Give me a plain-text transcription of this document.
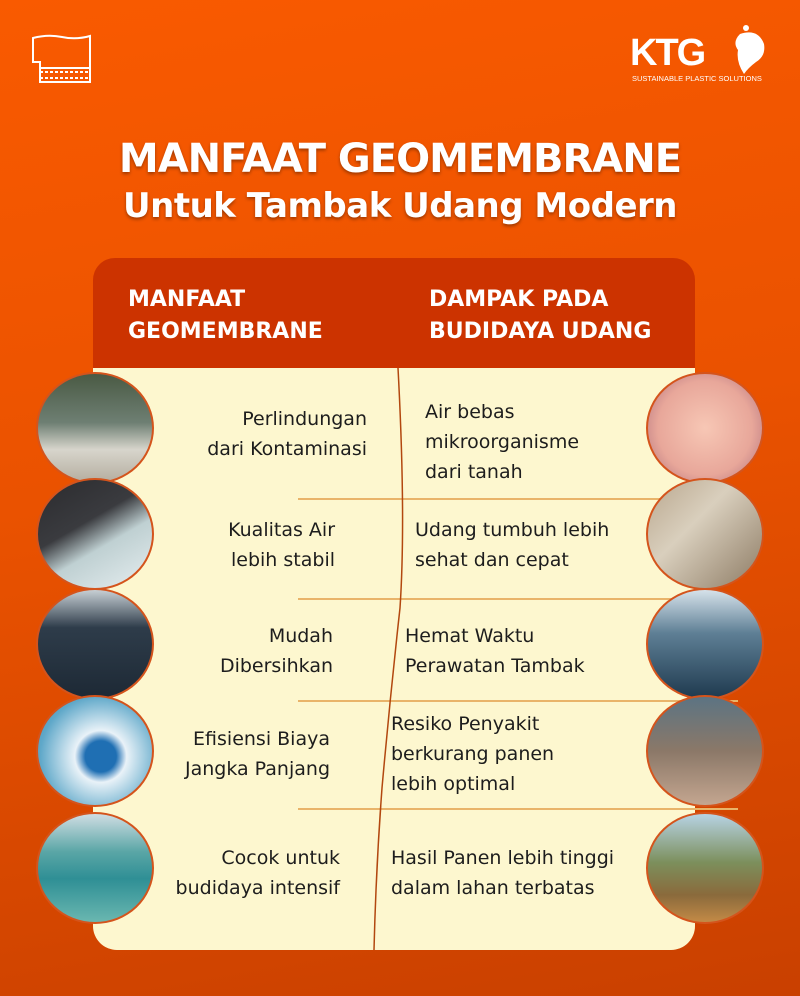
KTG
SUSTAINABLE PLASTIC SOLUTIONS
MANFAAT GEOMEMBRANE
Untuk Tambak Udang Modern
MANFAAT
GEOMEMBRANE
DAMPAK PADA
BUDIDAYA UDANG
Perlindungan
dari Kontaminasi
Air bebas
mikroorganisme
dari tanah
Kualitas Air
lebih stabil
Udang tumbuh lebih
sehat dan cepat
Mudah
Dibersihkan
Hemat Waktu
Perawatan Tambak
Efisiensi Biaya
Jangka Panjang
Resiko Penyakit
berkurang panen
lebih optimal
Cocok untuk
budidaya intensif
Hasil Panen lebih tinggi
dalam lahan terbatas
